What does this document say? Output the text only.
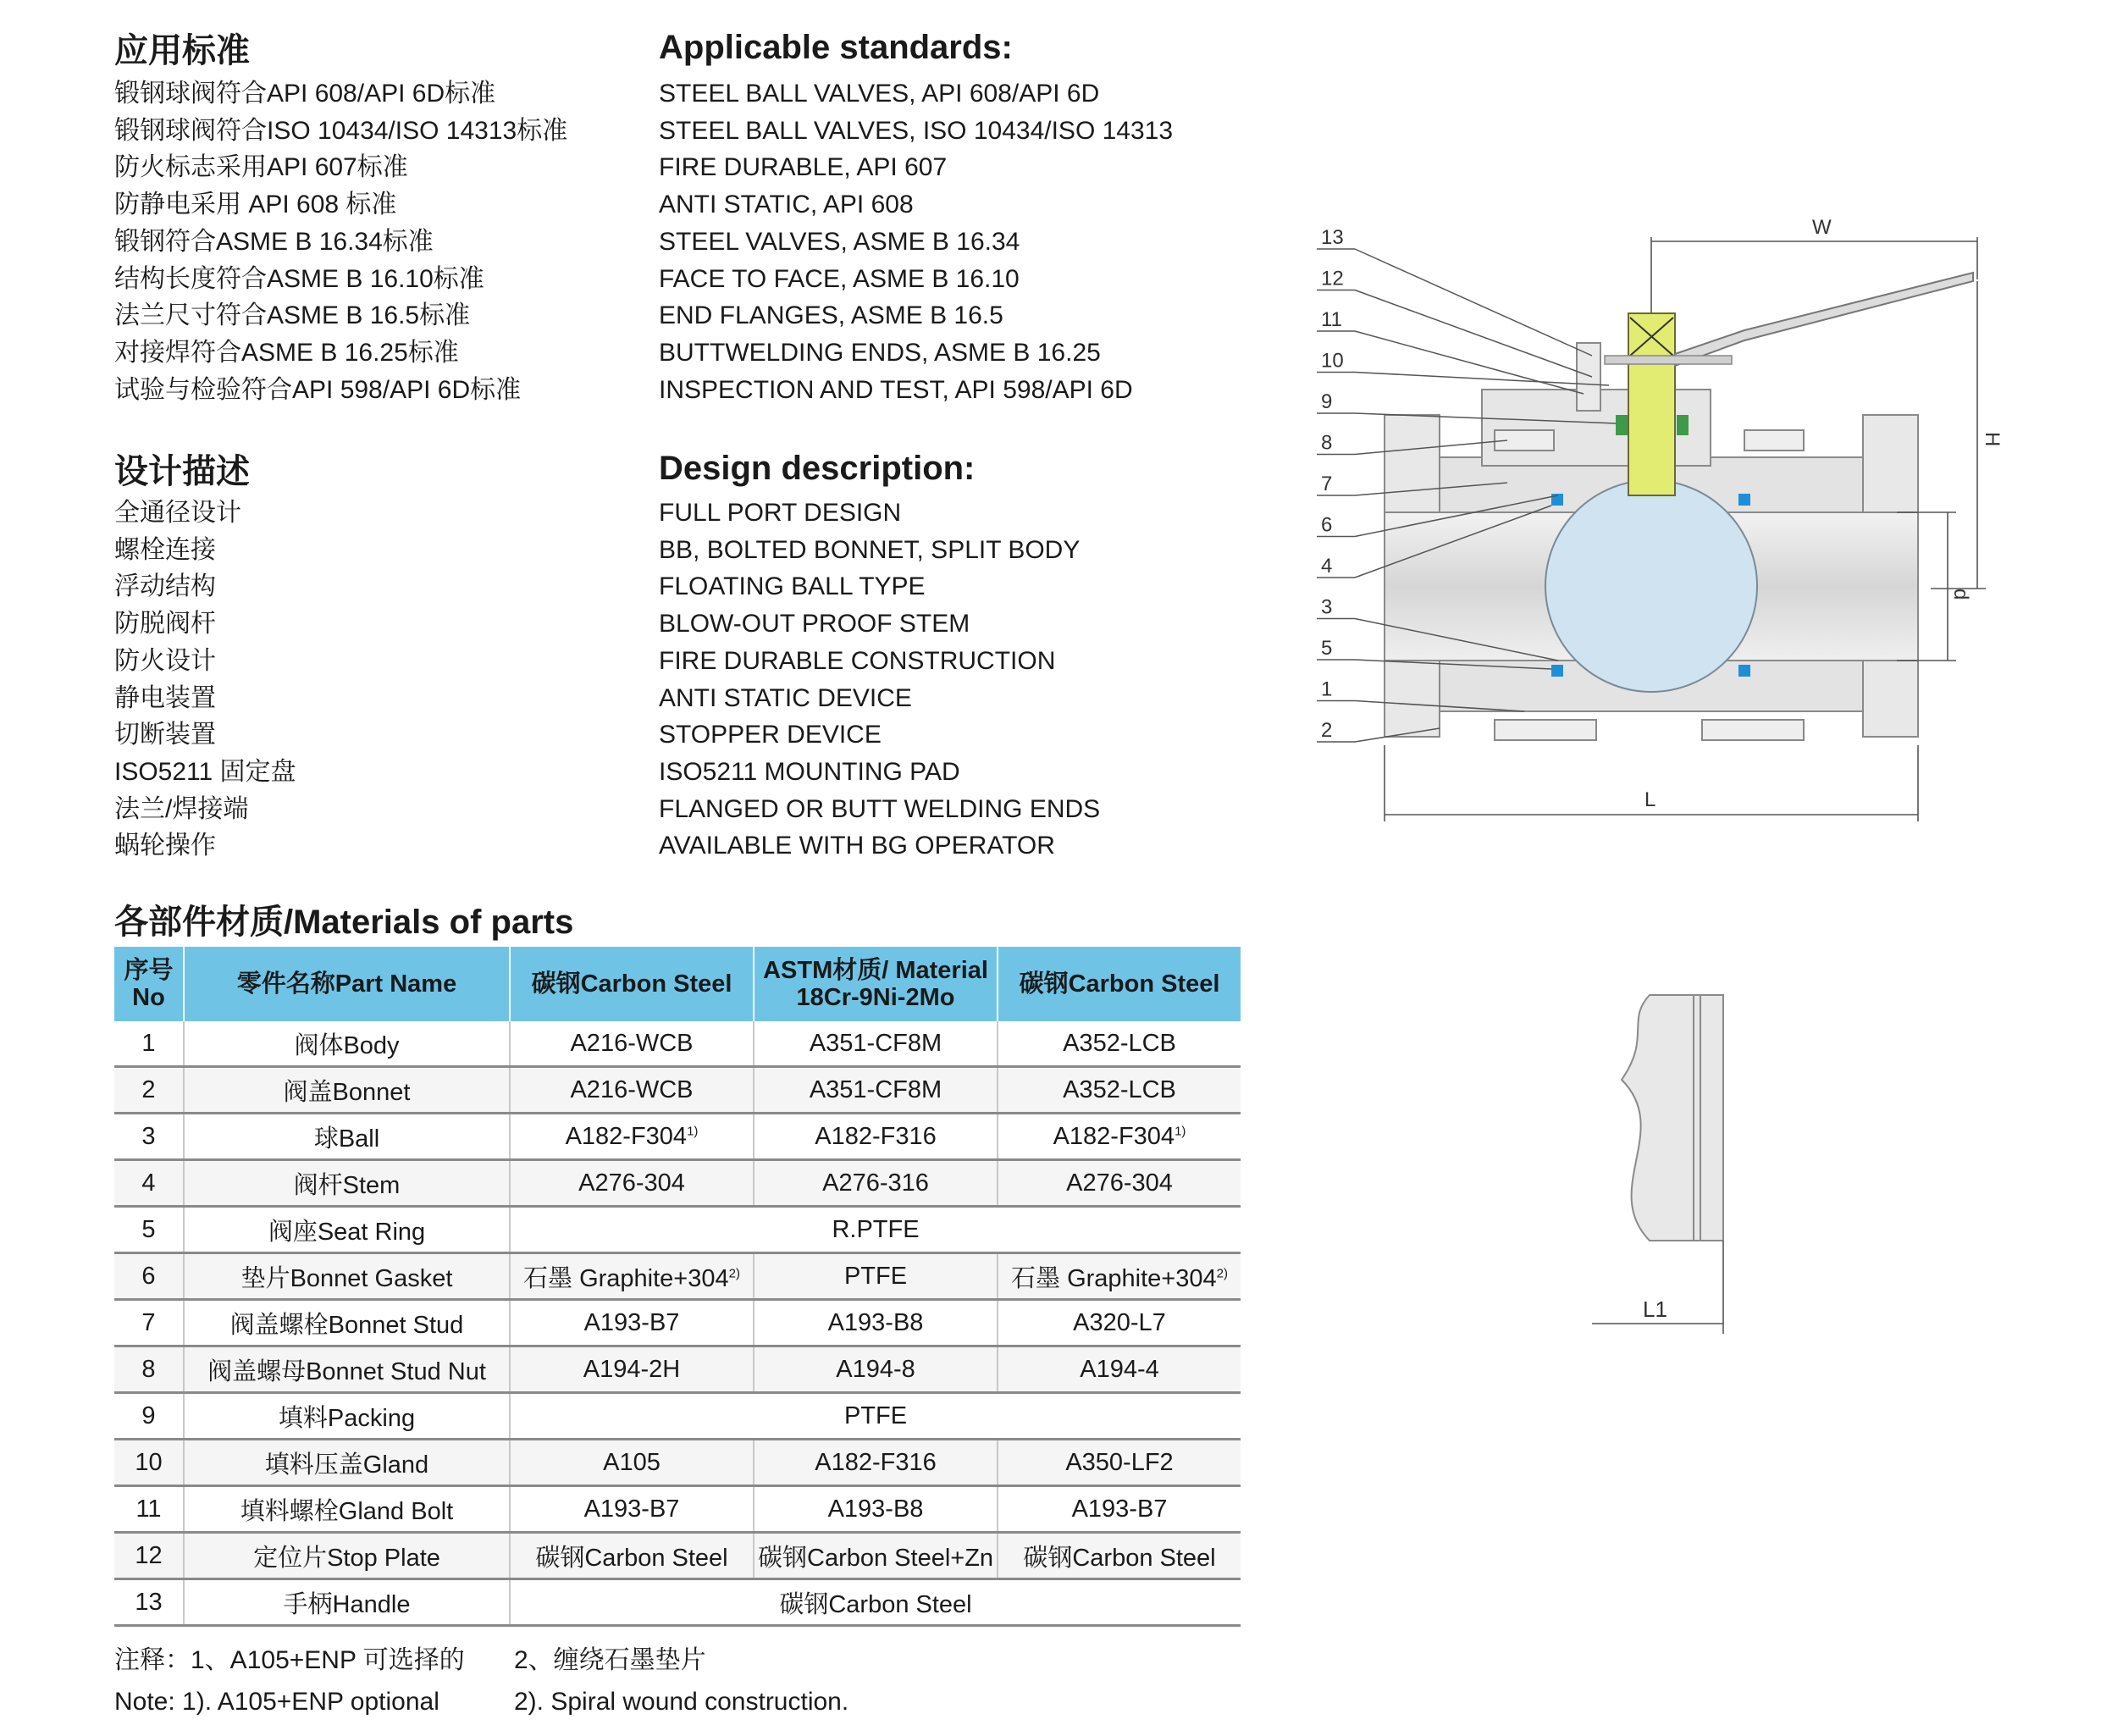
应用标准
锻钢球阀符合API 608/API 6D标准
锻钢球阀符合ISO 10434/ISO 14313标准
防火标志采用API 607标准
防静电采用 API 608 标准
锻钢符合ASME B 16.34标准
结构长度符合ASME B 16.10标准
法兰尺寸符合ASME B 16.5标准
对接焊符合ASME B 16.25标准
试验与检验符合API 598/API 6D标准
Applicable standards:
STEEL BALL VALVES, API 608/API 6D
STEEL BALL VALVES, ISO 10434/ISO 14313
FIRE DURABLE, API 607
ANTI STATIC, API 608
STEEL VALVES, ASME B 16.34
FACE TO FACE, ASME B 16.10
END FLANGES, ASME B 16.5
BUTTWELDING ENDS, ASME B 16.25
INSPECTION AND TEST, API 598/API 6D
设计描述
全通径设计
螺栓连接
浮动结构
防脱阀杆
防火设计
静电装置
切断装置
ISO5211 固定盘
法兰/焊接端
蜗轮操作
Design description:
FULL PORT DESIGN
BB, BOLTED BONNET, SPLIT BODY
FLOATING BALL TYPE
BLOW-OUT PROOF STEM
FIRE DURABLE CONSTRUCTION
ANTI STATIC DEVICE
STOPPER DEVICE
ISO5211 MOUNTING PAD
FLANGED OR BUTT WELDING ENDS
AVAILABLE WITH BG OPERATOR
各部件材质/Materials of parts
序号 No	零件名称Part Name	碳钢Carbon Steel	ASTM材质/ Material 18Cr-9Ni-2Mo	碳钢Carbon Steel
1	阀体Body	A216-WCB	A351-CF8M	A352-LCB
2	阀盖Bonnet	A216-WCB	A351-CF8M	A352-LCB
3	球Ball	A182-F304$^{1)}$	A182-F316	A182-F304$^{1)}$
4	阀杆Stem	A276-304	A276-316	A276-304
5	阀座Seat Ring	R.PTFE		
6	垫片Bonnet Gasket	石墨 $Graphite+304^{2)}$	PTFE	石墨 $Graphite+304^{2)}$
7	阀盖螺栓Bonnet Stud	A193-B7	A193-B8	A320-L7
8	阀盖螺母Bonnet Stud Nut	A194-2H	A194-8	A194-4
9	填料Packing	PTFE		
10	填料压盖Gland	A105	A182-F316	A350-LF2
11	填料螺栓Gland Bolt	A193-B7	A193-B8	A193-B7
12	定位片Stop Plate	碳钢Carbon Steel	碳钢Carbon Steel+Zn	碳钢Carbon Steel
13	手柄Handle	碳钢Carbon Steel		
注释：1、A105+ENP 可选择的 2、缠绕石墨垫片
Note: 1). A105+ENP optional	2). Spiral wound construction.
W
H
d
L
13
12
11
10
9
8
7
6
4
3
5
1
2
L1
